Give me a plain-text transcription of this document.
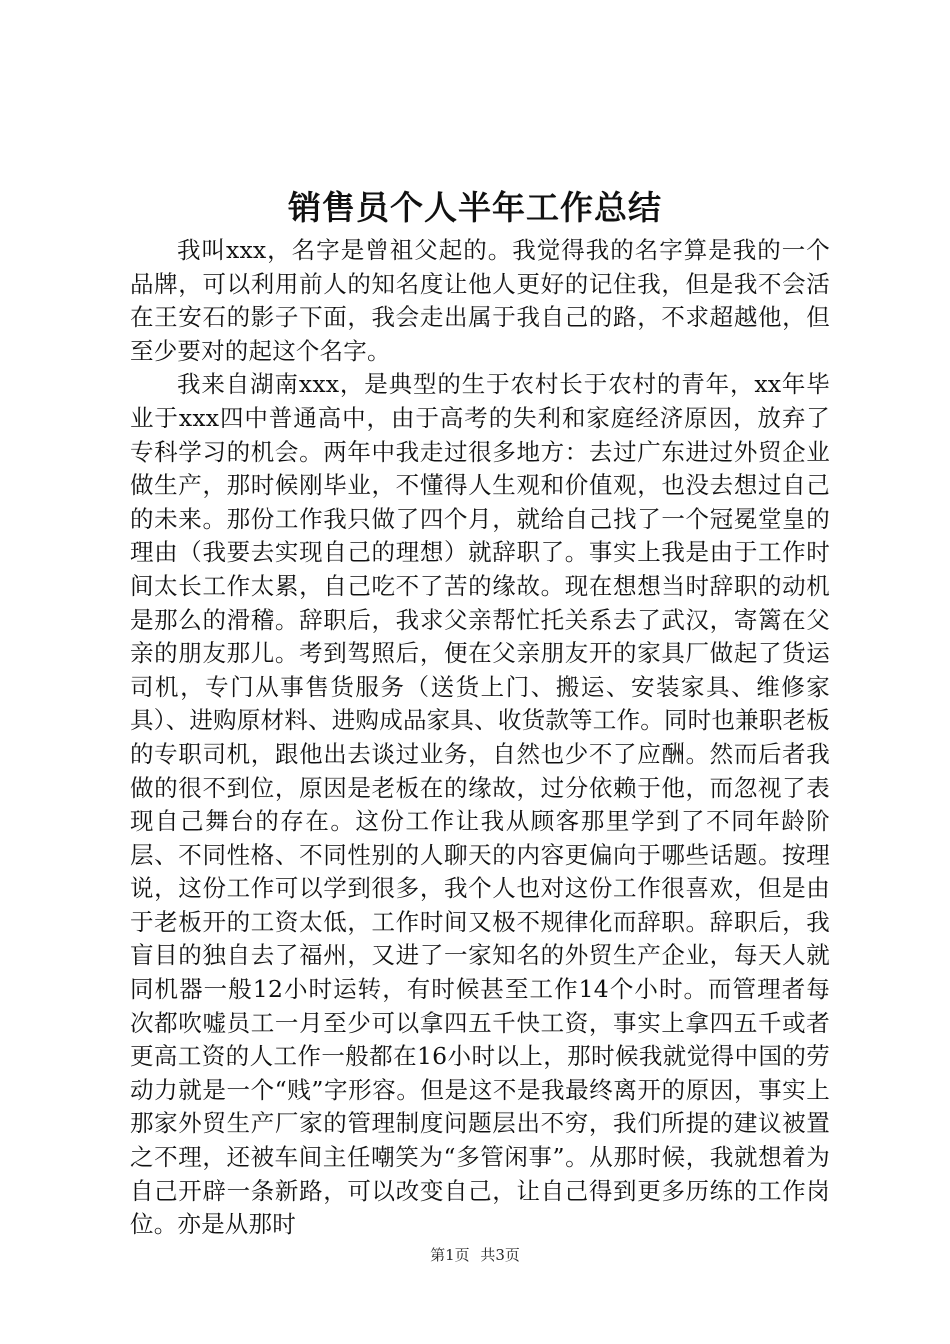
销售员个人半年工作总结

我叫xxx，名字是曾祖父起的。我觉得我的名字算是我的一个品牌，可以利用前人的知名度让他人更好的记住我，但是我不会活在王安石的影子下面，我会走出属于我自己的路，不求超越他，但至少要对的起这个名字。

我来自湖南xxx，是典型的生于农村长于农村的青年，xx年毕业于xxx四中普通高中，由于高考的失利和家庭经济原因，放弃了专科学习的机会。两年中我走过很多地方：去过广东进过外贸企业做生产，那时候刚毕业，不懂得人生观和价值观，也没去想过自己的未来。那份工作我只做了四个月，就给自己找了一个冠冕堂皇的理由（我要去实现自己的理想）就辞职了。事实上我是由于工作时间太长工作太累，自己吃不了苦的缘故。现在想想当时辞职的动机是那么的滑稽。辞职后，我求父亲帮忙托关系去了武汉，寄篱在父亲的朋友那儿。考到驾照后，便在父亲朋友开的家具厂做起了货运司机，专门从事售货服务（送货上门、搬运、安装家具、维修家具）、进购原材料、进购成品家具、收货款等工作。同时也兼职老板的专职司机，跟他出去谈过业务，自然也少不了应酬。然而后者我做的很不到位，原因是老板在的缘故，过分依赖于他，而忽视了表现自己舞台的存在。这份工作让我从顾客那里学到了不同年龄阶层、不同性格、不同性别的人聊天的内容更偏向于哪些话题。按理说，这份工作可以学到很多，我个人也对这份工作很喜欢，但是由于老板开的工资太低，工作时间又极不规律化而辞职。辞职后，我盲目的独自去了福州，又进了一家知名的外贸生产企业，每天人就同机器一般12小时运转，有时候甚至工作14个小时。而管理者每次都吹嘘员工一月至少可以拿四五千快工资，事实上拿四五千或者更高工资的人工作一般都在16小时以上，那时候我就觉得中国的劳动力就是一个“贱”字形容。但是这不是我最终离开的原因，事实上那家外贸生产厂家的管理制度问题层出不穷，我们所提的建议被置之不理，还被车间主任嘲笑为“多管闲事”。从那时候，我就想着为自己开辟一条新路，可以改变自己，让自己得到更多历练的工作岗位。亦是从那时

第1页 共3页
